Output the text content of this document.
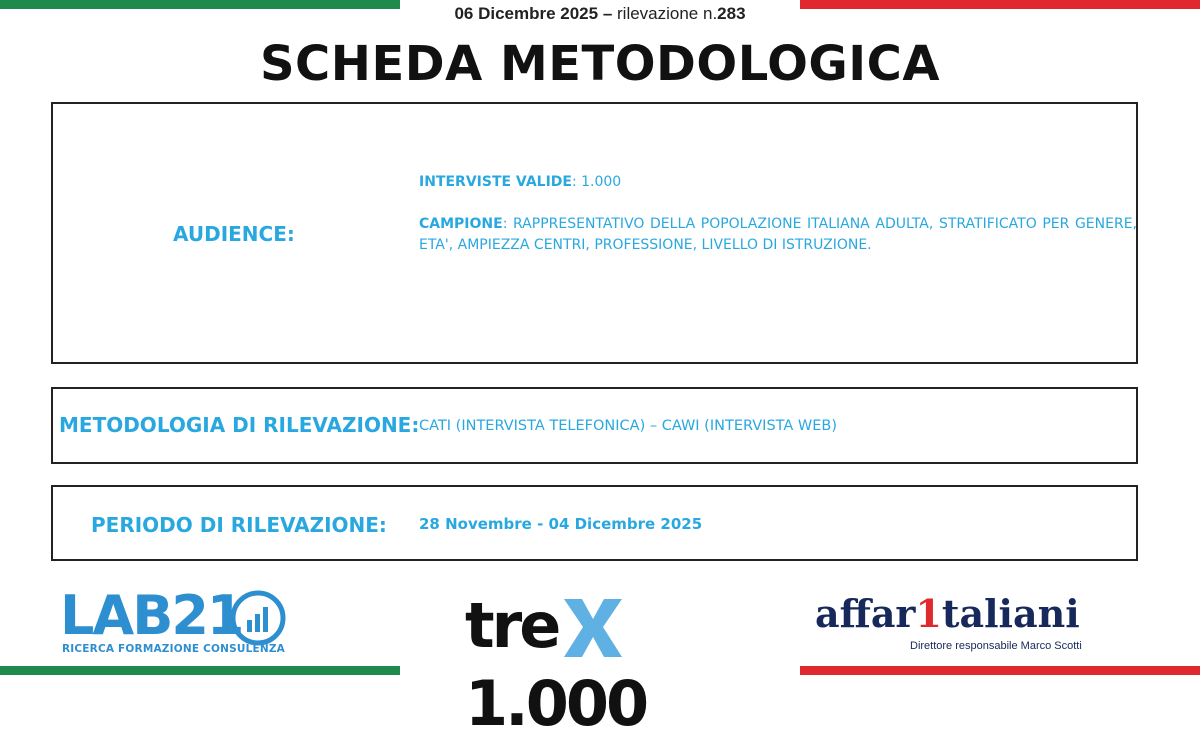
06 Dicembre 2025 – rilevazione n.283
SCHEDA METODOLOGICA
AUDIENCE:
INTERVISTE VALIDE: 1.000
CAMPIONE: RAPPRESENTATIVO DELLA POPOLAZIONE ITALIANA ADULTA, STRATIFICATO PER GENERE, ETA', AMPIEZZA CENTRI, PROFESSIONE, LIVELLO DI ISTRUZIONE.
METODOLOGIA DI RILEVAZIONE: CATI (INTERVISTA TELEFONICA) – CAWI (INTERVISTA WEB)
PERIODO DI RILEVAZIONE: 28 Novembre - 04 Dicembre 2025
LAB21
RICERCA FORMAZIONE CONSULENZA	tre1.000
affar1taliani
Direttore responsabile Marco Scotti
